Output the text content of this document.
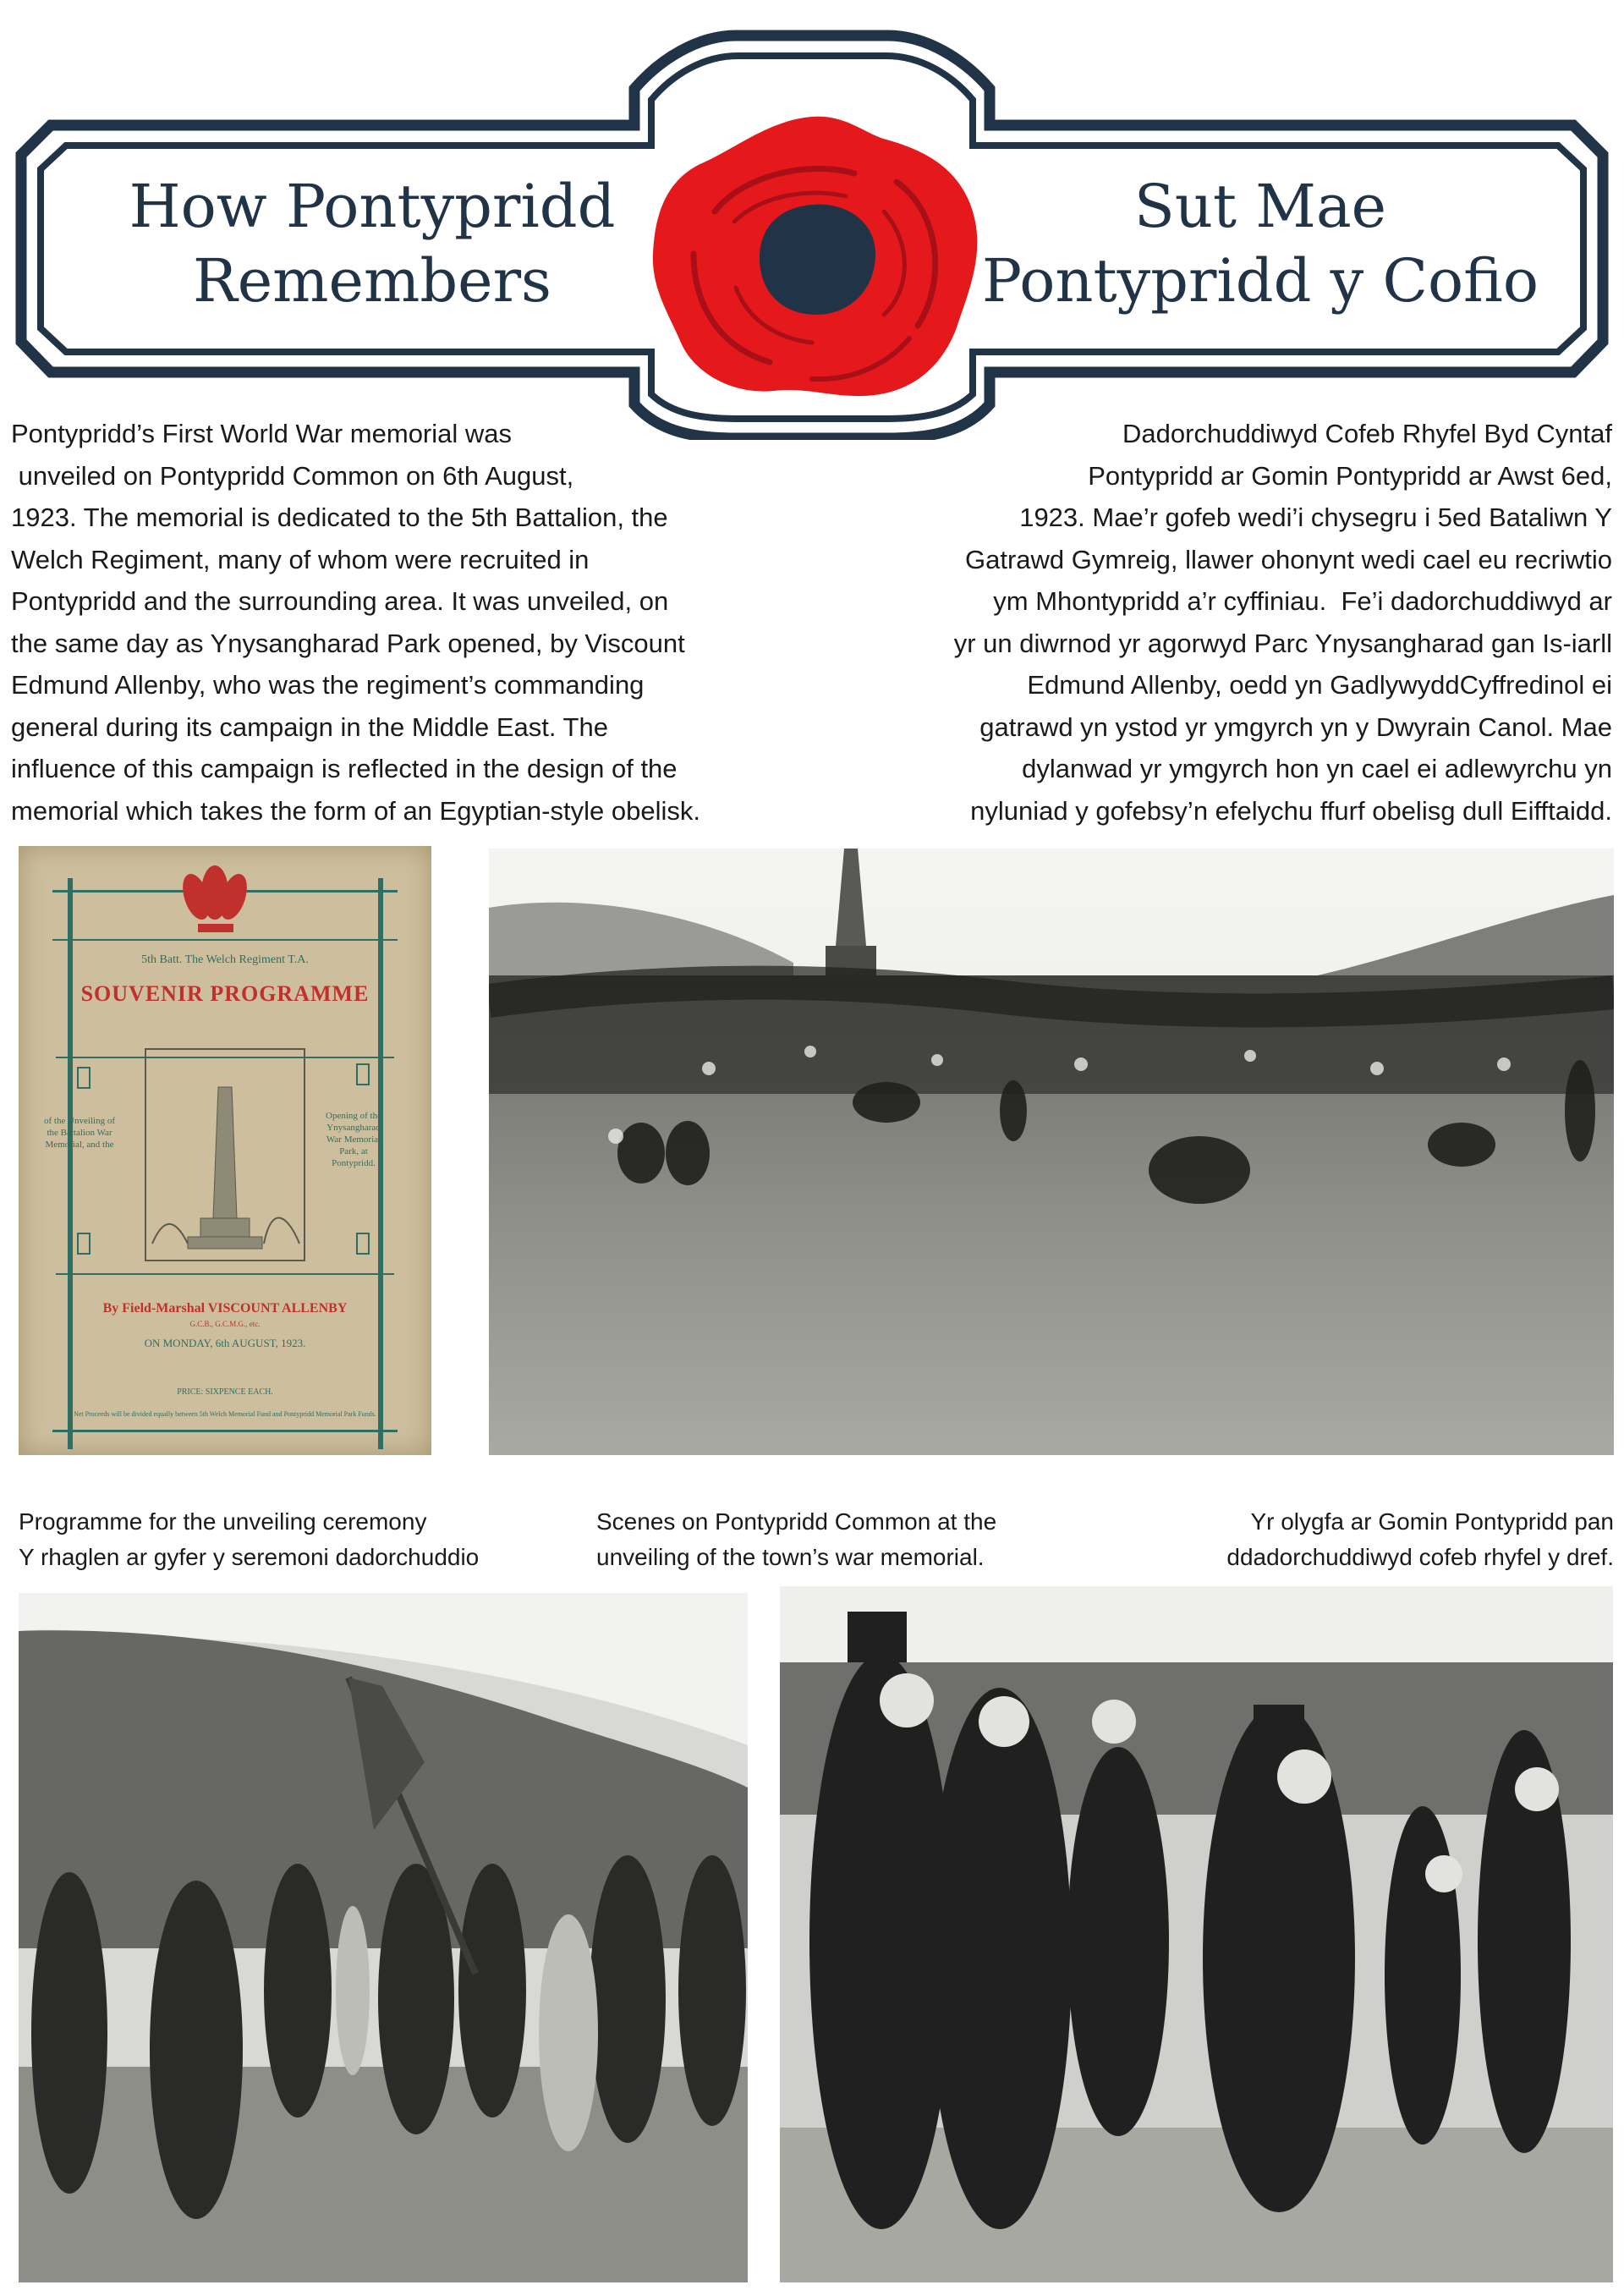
How Pontypridd
Remembers
Sut Mae
Pontypridd y Cofio
Pontypridd’s First World War memorial was
unveiled on Pontypridd Common on 6th August,
1923. The memorial is dedicated to the 5th Battalion, the
Welch Regiment, many of whom were recruited in
Pontypridd and the surrounding area. It was unveiled, on
the same day as Ynysangharad Park opened, by Viscount
Edmund Allenby, who was the regiment’s commanding
general during its campaign in the Middle East. The
influence of this campaign is reflected in the design of the
memorial which takes the form of an Egyptian-style obelisk.
Dadorchuddiwyd Cofeb Rhyfel Byd Cyntaf
Pontypridd ar Gomin Pontypridd ar Awst 6ed,
1923. Mae’r gofeb wedi’i chysegru i 5ed Bataliwn Y
Gatrawd Gymreig, llawer ohonynt wedi cael eu recriwtio
ym Mhontypridd a’r cyffiniau.  Fe’i dadorchuddiwyd ar
yr un diwrnod yr agorwyd Parc Ynysangharad gan Is-iarll
Edmund Allenby, oedd yn GadlywyddCyffredinol ei
gatrawd yn ystod yr ymgyrch yn y Dwyrain Canol. Mae
dylanwad yr ymgyrch hon yn cael ei adlewyrchu yn
nyluniad y gofebsy’n efelychu ffurf obelisg dull Eifftaidd.
5th Batt. The Welch Regiment T.A.
SOUVENIR PROGRAMME
of the Unveiling of the Battalion War Memorial, and the
Opening of the Ynysangharad War Memorial Park, at Pontypridd.
By Field-Marshal VISCOUNT ALLENBY
G.C.B., G.C.M.G., etc.
ON MONDAY, 6th AUGUST, 1923.
PRICE: SIXPENCE EACH.
Net Proceeds will be divided equally between 5th Welch Memorial Fund and Pontypridd Memorial Park Funds.
Programme for the unveiling ceremony
Y rhaglen ar gyfer y seremoni dadorchuddio
Scenes on Pontypridd Common at the
unveiling of the town’s war memorial.
Yr olygfa ar Gomin Pontypridd pan
ddadorchuddiwyd cofeb rhyfel y dref.
